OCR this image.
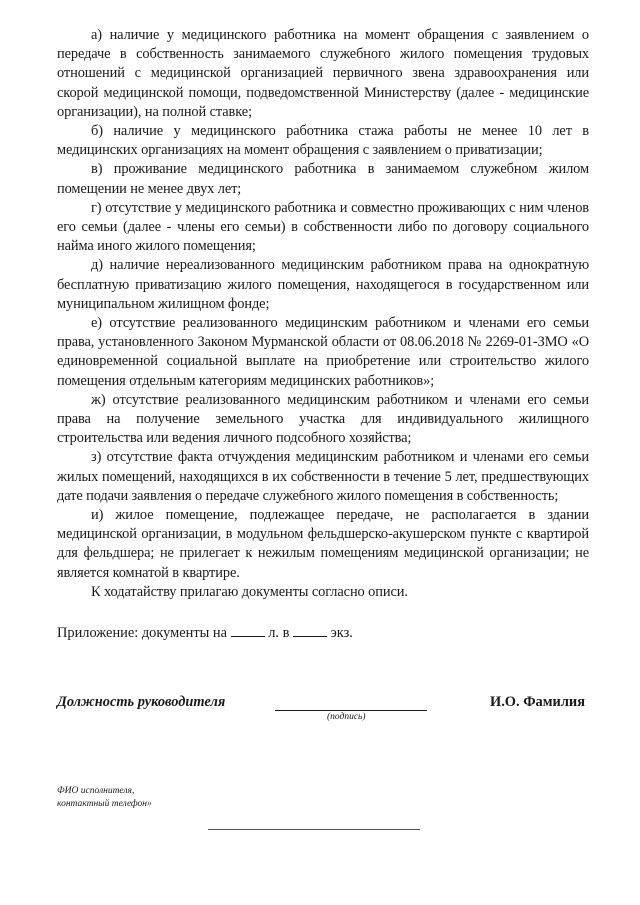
а) наличие у медицинского работника на момент обращения с заявлением о передаче в собственность занимаемого служебного жилого помещения трудовых отношений с медицинской организацией первичного звена здравоохранения или скорой медицинской помощи, подведомственной Министерству (далее - медицинские организации), на полной ставке;

б) наличие у медицинского работника стажа работы не менее 10 лет в медицинских организациях на момент обращения с заявлением о приватизации;

в) проживание медицинского работника в занимаемом служебном жилом помещении не менее двух лет;

г) отсутствие у медицинского работника и совместно проживающих с ним членов его семьи (далее - члены его семьи) в собственности либо по договору социального найма иного жилого помещения;

д) наличие нереализованного медицинским работником права на однократную бесплатную приватизацию жилого помещения, находящегося в государственном или муниципальном жилищном фонде;

е) отсутствие реализованного медицинским работником и членами его семьи права, установленного Законом Мурманской области от 08.06.2018 № 2269-01-ЗМО «О единовременной социальной выплате на приобретение или строительство жилого помещения отдельным категориям медицинских работников»;

ж) отсутствие реализованного медицинским работником и членами его семьи права на получение земельного участка для индивидуального жилищного строительства или ведения личного подсобного хозяйства;

з) отсутствие факта отчуждения медицинским работником и членами его семьи жилых помещений, находящихся в их собственности в течение 5 лет, предшествующих дате подачи заявления о передаче служебного жилого помещения в собственность;

и) жилое помещение, подлежащее передаче, не располагается в здании медицинской организации, в модульном фельдшерско-акушерском пункте с квартирой для фельдшера; не прилегает к нежилым помещениям медицинской организации; не является комнатой в квартире.

К ходатайству прилагаю документы согласно описи.

Приложение: документы на	л. в	экз.
Должность руководителя
(подпись)
И.О. Фамилия
ФИО исполнителя,
контактный телефон»
